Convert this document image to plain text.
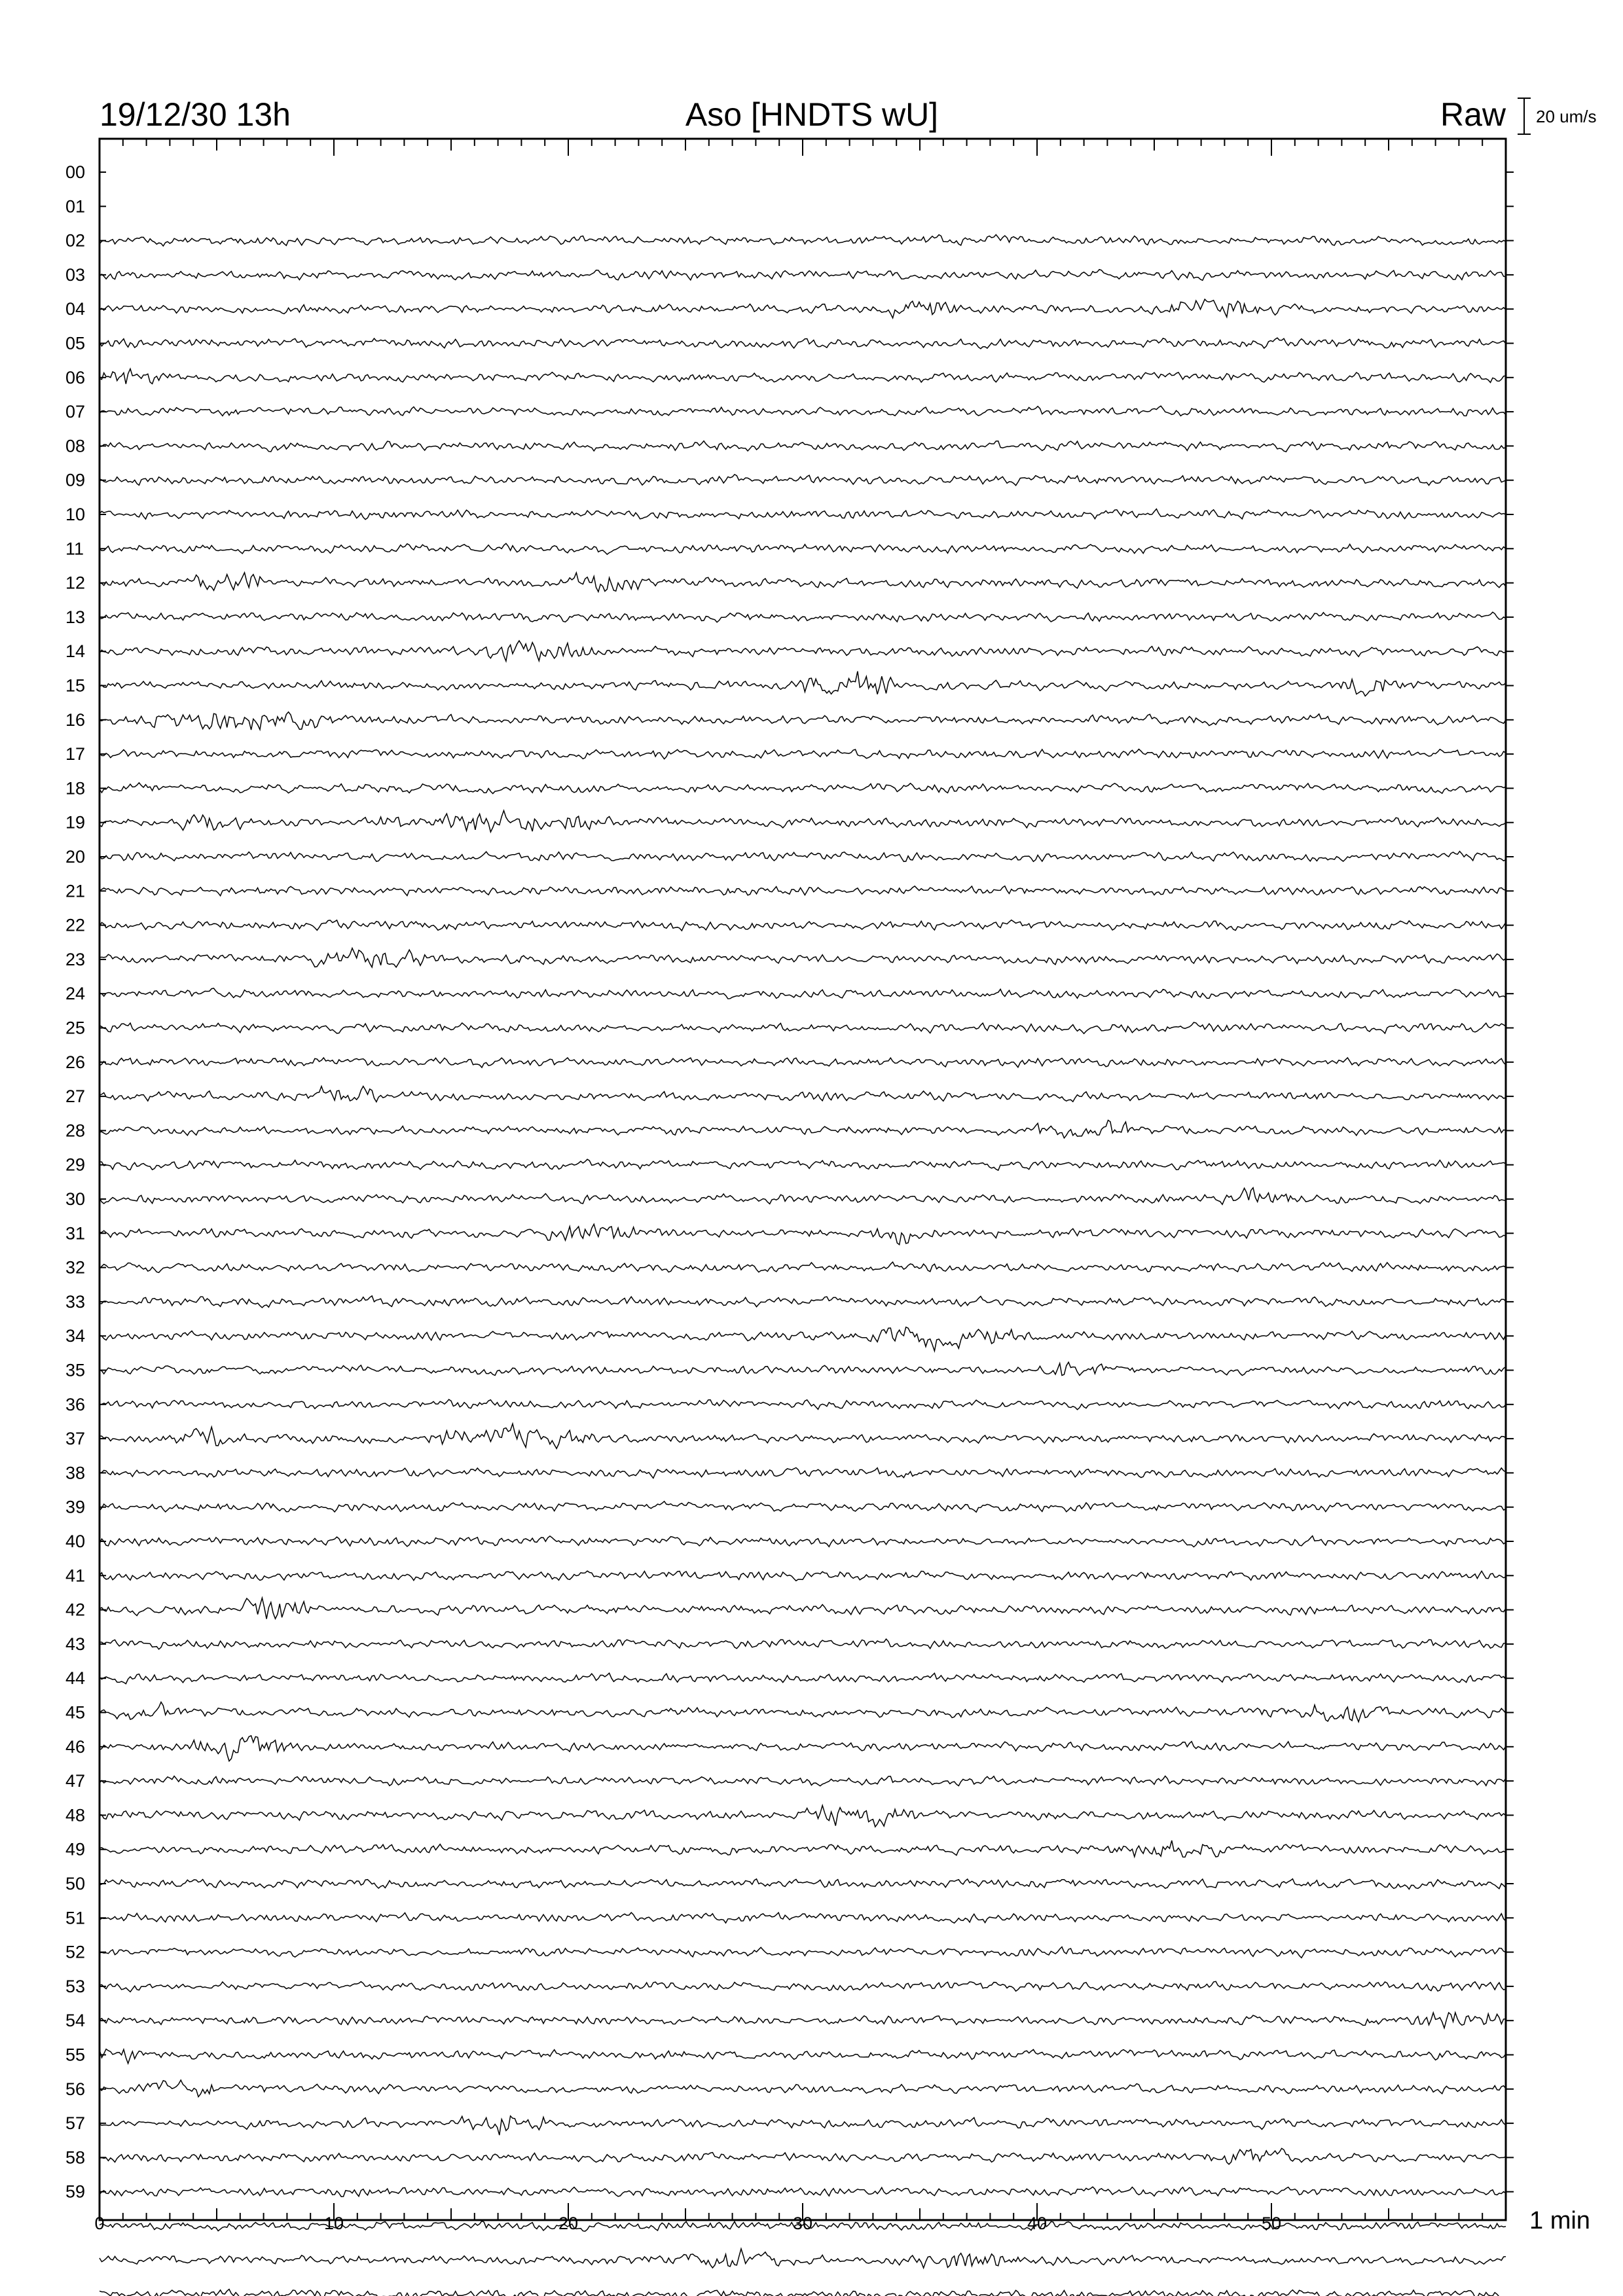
19/12/30 13h	Aso [HNDTS wU]	Raw 20 um/s
00
01
02
03
04
05
06
07
08
09
10
11
12
13
14
15
16
17
18
19
20
21
22
23
24
25
26
27
28
29
30
31
32
33
34
35
36
37
38
39
40
41
42
43
44
45
46
47
48
49
50
51
52
53
54
55
56
57
58
59
0	10	20	30	40	50	1 min
